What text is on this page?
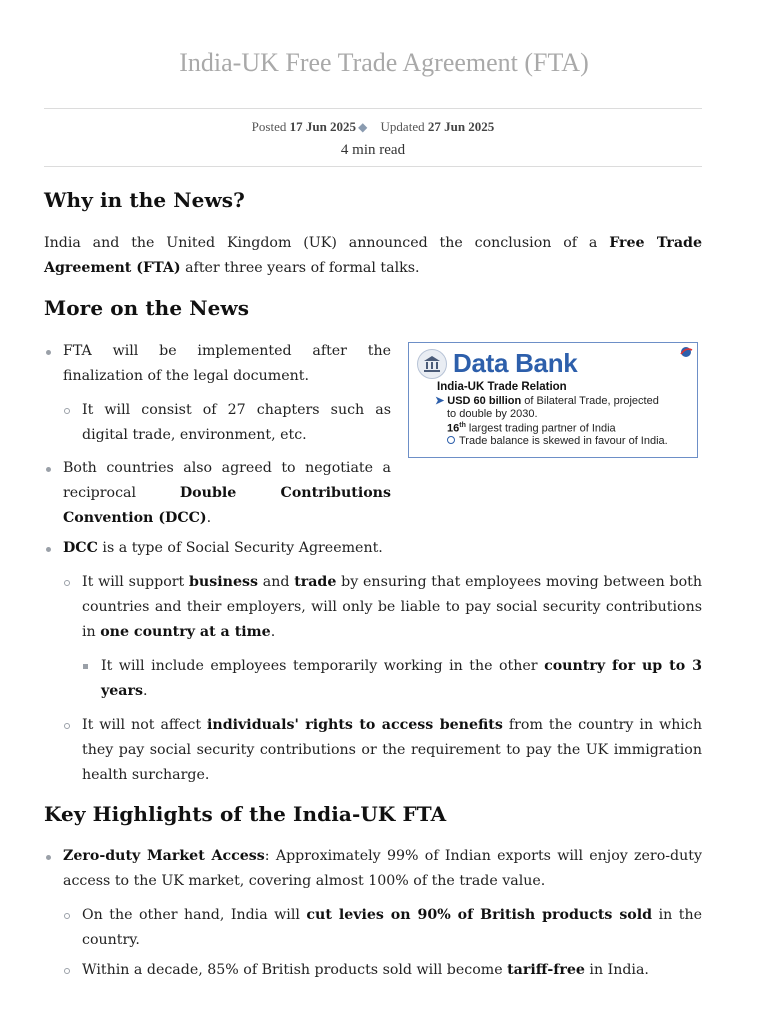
India-UK Free Trade Agreement (FTA)
Posted 17 Jun 2025 ◆ Updated 27 Jun 2025
4 min read
Why in the News?

India and the United Kingdom (UK) announced the conclusion of a Free Trade Agreement (FTA) after three years of formal talks.

More on the News
FTA will be implemented after the finalization of the legal document.
It will consist of 27 chapters such as digital trade, environment, etc.
Both countries also agreed to negotiate a reciprocal Double Contributions Convention (DCC).
DCC is a type of Social Security Agreement.
It will support business and trade by ensuring that employees moving between both countries and their employers, will only be liable to pay social security contributions in one country at a time.
It will include employees temporarily working in the other country for up to 3 years.
It will not affect individuals' rights to access benefits from the country in which they pay social security contributions or the requirement to pay the UK immigration health surcharge.
Key Highlights of the India-UK FTA
Zero-duty Market Access: Approximately 99% of Indian exports will enjoy zero-duty access to the UK market, covering almost 100% of the trade value.
On the other hand, India will cut levies on 90% of British products sold in the country.
Within a decade, 85% of British products sold will become tariff-free in India.
Data Bank
India-UK Trade Relation
➤ USD 60 billion of Bilateral Trade, projected
to double by 2030.
16th largest trading partner of India
Trade balance is skewed in favour of India.
